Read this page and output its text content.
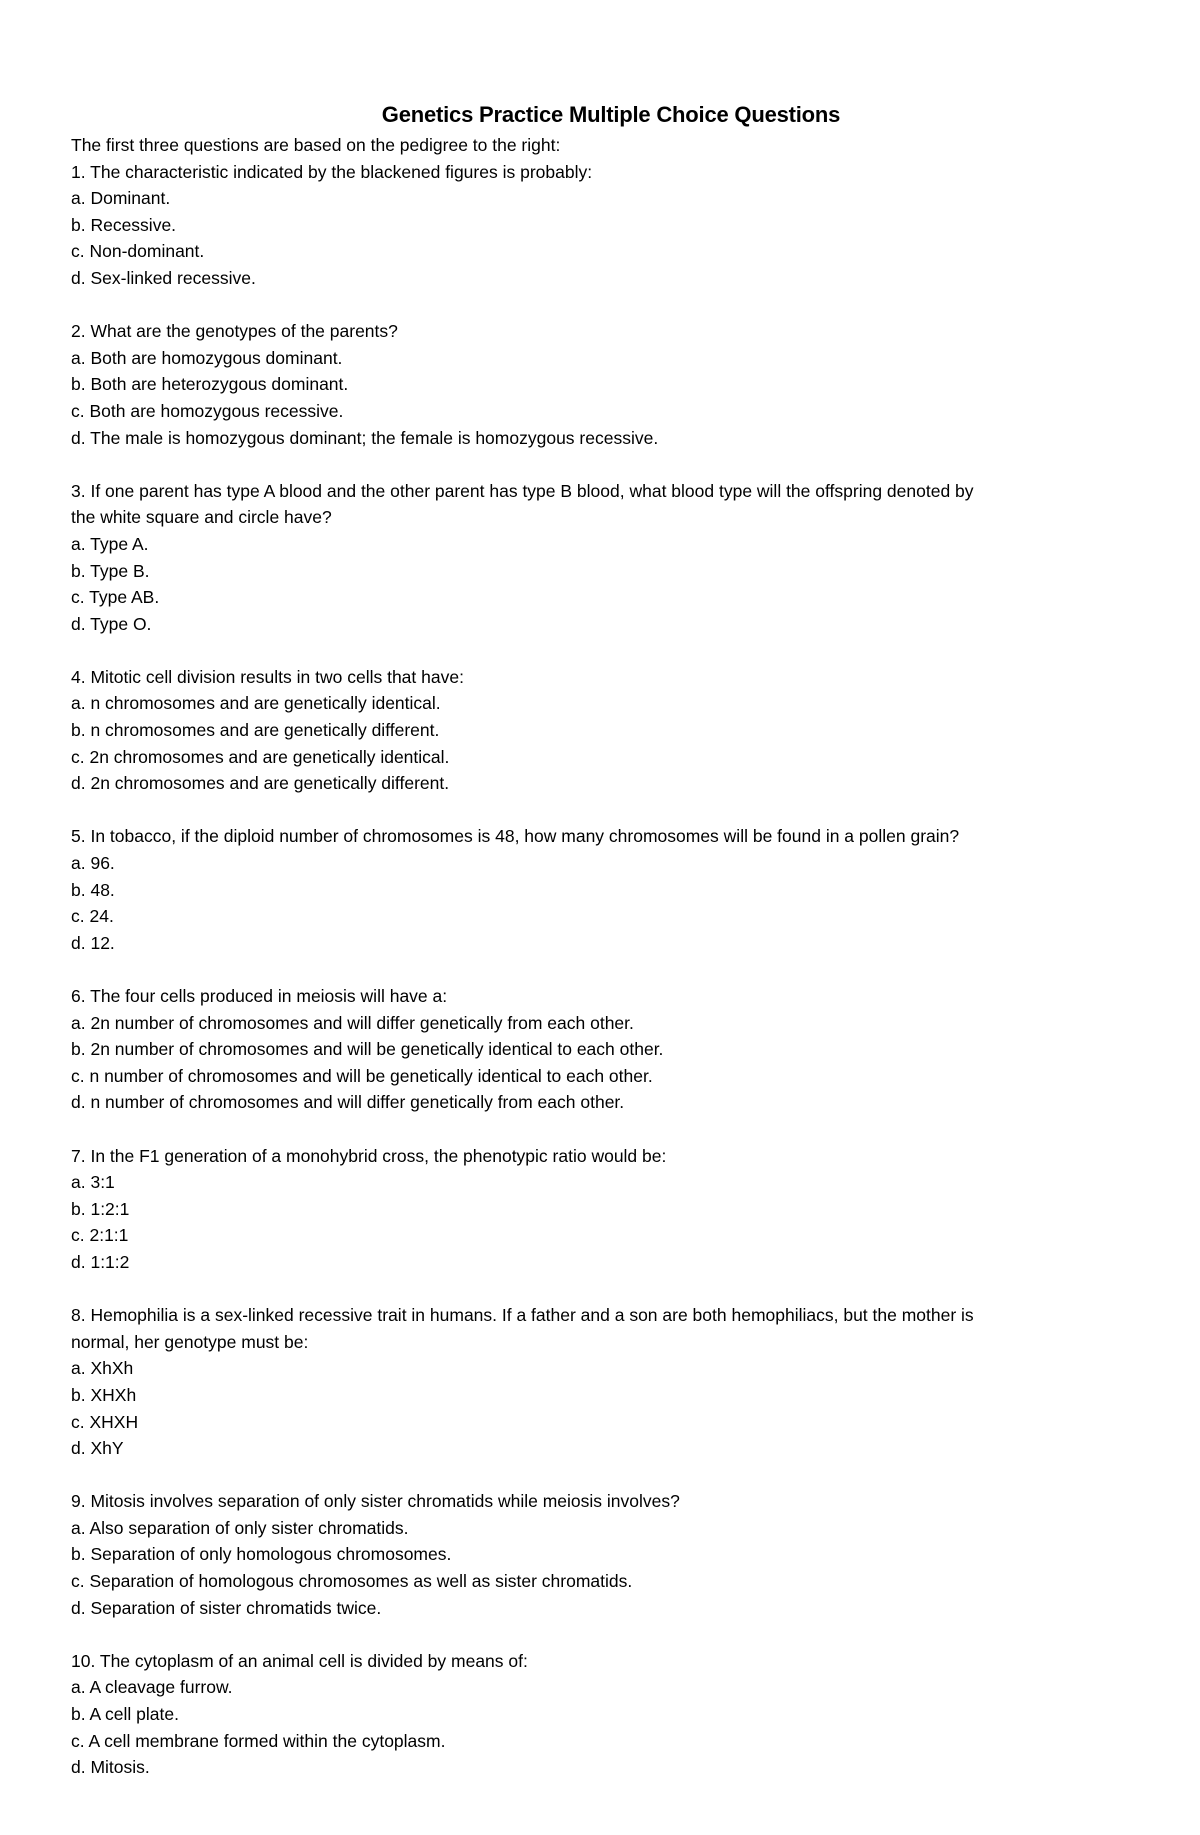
Genetics Practice Multiple Choice Questions
The first three questions are based on the pedigree to the right:
1. The characteristic indicated by the blackened figures is probably:
a. Dominant.
b. Recessive.
c. Non-dominant.
d. Sex-linked recessive.
2. What are the genotypes of the parents?
a. Both are homozygous dominant.
b. Both are heterozygous dominant.
c. Both are homozygous recessive.
d. The male is homozygous dominant; the female is homozygous recessive.
3. If one parent has type A blood and the other parent has type B blood, what blood type will the offspring denoted by
the white square and circle have?
a. Type A.
b. Type B.
c. Type AB.
d. Type O.
4. Mitotic cell division results in two cells that have:
a. n chromosomes and are genetically identical.
b. n chromosomes and are genetically different.
c. 2n chromosomes and are genetically identical.
d. 2n chromosomes and are genetically different.
5. In tobacco, if the diploid number of chromosomes is 48, how many chromosomes will be found in a pollen grain?
a. 96.
b. 48.
c. 24.
d. 12.
6. The four cells produced in meiosis will have a:
a. 2n number of chromosomes and will differ genetically from each other.
b. 2n number of chromosomes and will be genetically identical to each other.
c. n number of chromosomes and will be genetically identical to each other.
d. n number of chromosomes and will differ genetically from each other.
7. In the F1 generation of a monohybrid cross, the phenotypic ratio would be:
a. 3:1
b. 1:2:1
c. 2:1:1
d. 1:1:2
8. Hemophilia is a sex-linked recessive trait in humans. If a father and a son are both hemophiliacs, but the mother is
normal, her genotype must be:
a. XhXh
b. XHXh
c. XHXH
d. XhY
9. Mitosis involves separation of only sister chromatids while meiosis involves?
a. Also separation of only sister chromatids.
b. Separation of only homologous chromosomes.
c. Separation of homologous chromosomes as well as sister chromatids.
d. Separation of sister chromatids twice.
10. The cytoplasm of an animal cell is divided by means of:
a. A cleavage furrow.
b. A cell plate.
c. A cell membrane formed within the cytoplasm.
d. Mitosis.
